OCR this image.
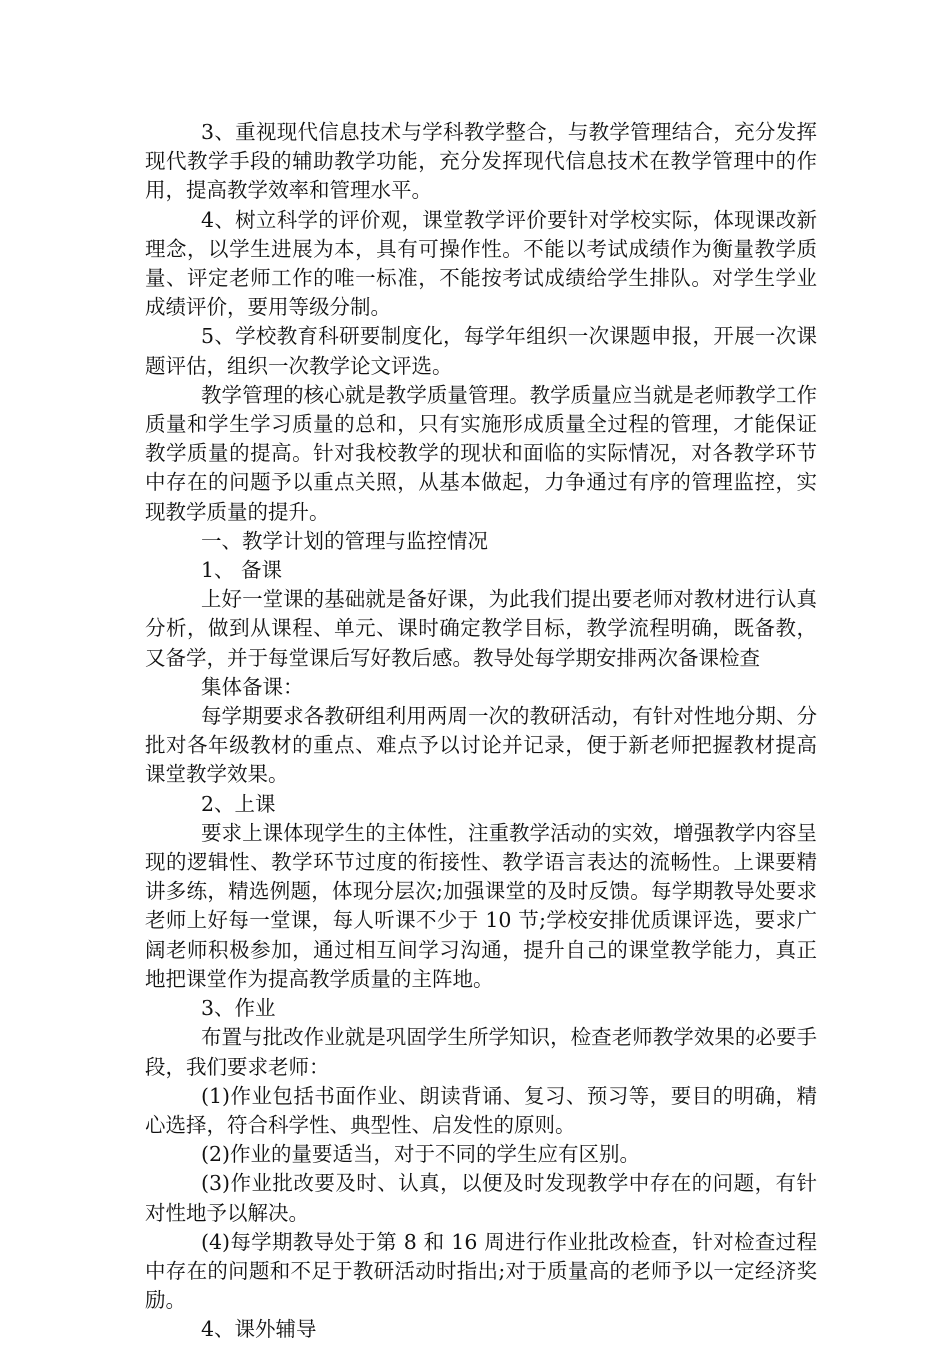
3、重视现代信息技术与学科教学整合，与教学管理结合，充分发挥现代教学手段的辅助教学功能，充分发挥现代信息技术在教学管理中的作用，提高教学效率和管理水平。

4、树立科学的评价观，课堂教学评价要针对学校实际，体现课改新理念，以学生进展为本，具有可操作性。不能以考试成绩作为衡量教学质量、评定老师工作的唯一标准，不能按考试成绩给学生排队。对学生学业成绩评价，要用等级分制。

5、学校教育科研要制度化，每学年组织一次课题申报，开展一次课题评估，组织一次教学论文评选。

教学管理的核心就是教学质量管理。教学质量应当就是老师教学工作质量和学生学习质量的总和，只有实施形成质量全过程的管理，才能保证教学质量的提高。针对我校教学的现状和面临的实际情况，对各教学环节中存在的问题予以重点关照，从基本做起，力争通过有序的管理监控，实现教学质量的提升。

一、教学计划的管理与监控情况

1、 备课

上好一堂课的基础就是备好课，为此我们提出要老师对教材进行认真分析，做到从课程、单元、课时确定教学目标，教学流程明确，既备教，又备学，并于每堂课后写好教后感。教导处每学期安排两次备课检查

集体备课：

每学期要求各教研组利用两周一次的教研活动，有针对性地分期、分批对各年级教材的重点、难点予以讨论并记录，便于新老师把握教材提高课堂教学效果。

2、上课

要求上课体现学生的主体性，注重教学活动的实效，增强教学内容呈现的逻辑性、教学环节过度的衔接性、教学语言表达的流畅性。上课要精讲多练，精选例题，体现分层次;加强课堂的及时反馈。每学期教导处要求老师上好每一堂课，每人听课不少于 10 节;学校安排优质课评选，要求广阔老师积极参加，通过相互间学习沟通，提升自己的课堂教学能力，真正地把课堂作为提高教学质量的主阵地。

3、作业

布置与批改作业就是巩固学生所学知识，检查老师教学效果的必要手段，我们要求老师：

(1)作业包括书面作业、朗读背诵、复习、预习等，要目的明确，精心选择，符合科学性、典型性、启发性的原则。

(2)作业的量要适当，对于不同的学生应有区别。

(3)作业批改要及时、认真，以便及时发现教学中存在的问题，有针对性地予以解决。

(4)每学期教导处于第 8 和 16 周进行作业批改检查，针对检查过程中存在的问题和不足于教研活动时指出;对于质量高的老师予以一定经济奖励。

4、课外辅导
